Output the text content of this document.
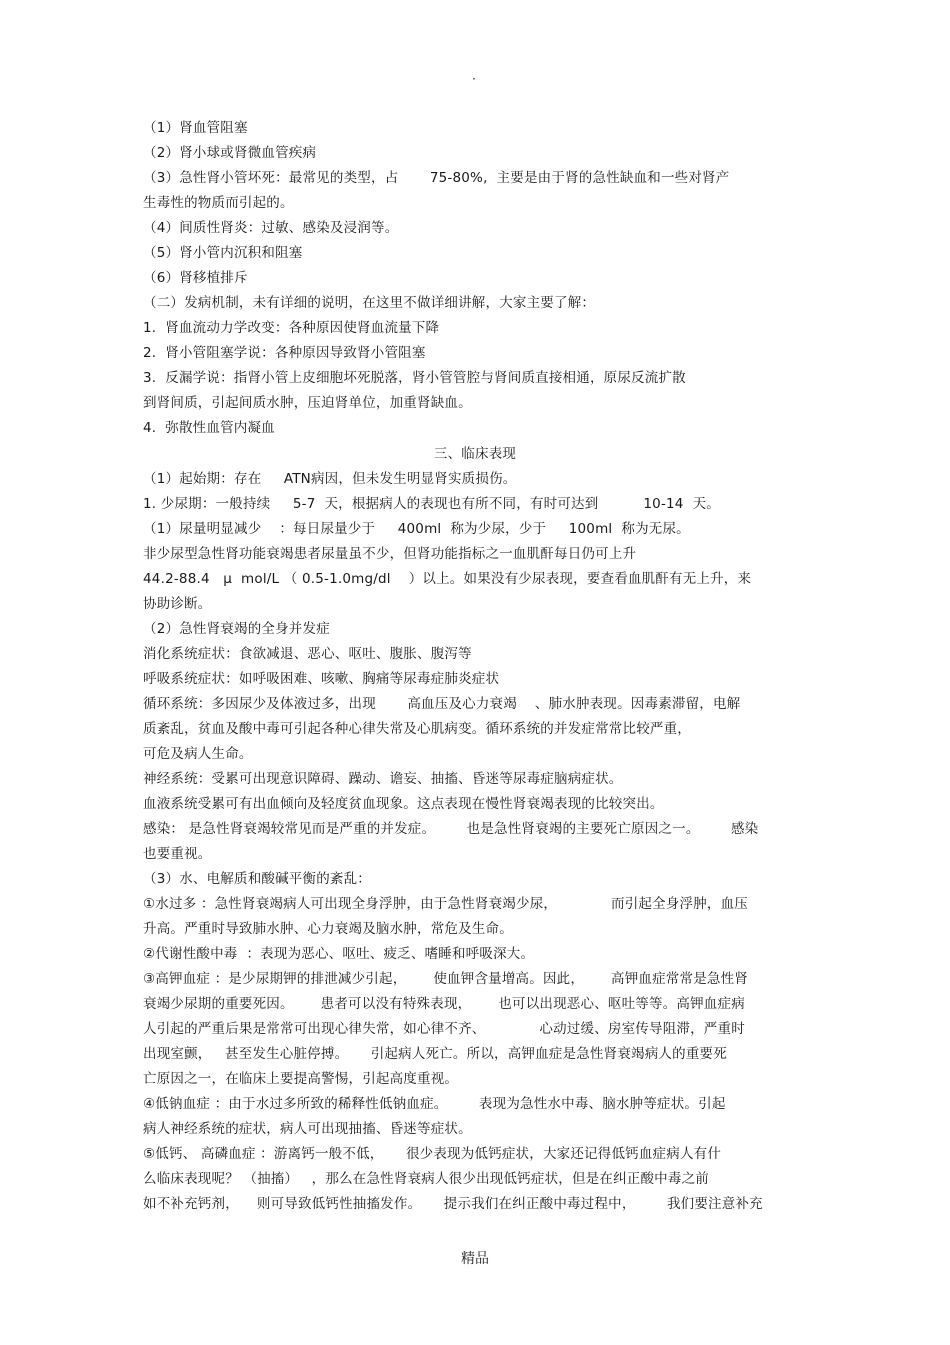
·
（1）肾血管阻塞
（2）肾小球或肾微血管疾病
（3）急性肾小管坏死：最常见的类型，占       75-80%,  主要是由于肾的急性缺血和一些对肾产
生毒性的物质而引起的。
（4）间质性肾炎：过敏、感染及浸润等。
（5）肾小管内沉积和阻塞
（6）肾移植排斥
（二）发病机制，未有详细的说明，在这里不做详细讲解，大家主要了解：
1.  肾血流动力学改变：各种原因使肾血流量下降
2.  肾小管阻塞学说：各种原因导致肾小管阻塞
3.  反漏学说：指肾小管上皮细胞坏死脱落，肾小管管腔与肾间质直接相通，原尿反流扩散
到肾间质，引起间质水肿，压迫肾单位，加重肾缺血。
4.  弥散性血管内凝血
三、临床表现
（1）起始期：存在     ATN病因，但未发生明显肾实质损伤。
1. 少尿期：一般持续     5-7  天，根据病人的表现也有所不同，有时可达到          10-14  天。
（1）尿量明显减少    ：每日尿量少于     400ml  称为少尿，少于     100ml  称为无尿。
非少尿型急性肾功能衰竭患者尿量虽不少，但肾功能指标之一血肌酐每日仍可上升
44.2-88.4   μ  mol/L （ 0.5-1.0mg/dl    ）以上。如果没有少尿表现，要查看血肌酐有无上升，来
协助诊断。
（2）急性肾衰竭的全身并发症
消化系统症状：食欲减退、恶心、呕吐、腹胀、腹泻等
呼吸系统症状：如呼吸困难、咳嗽、胸痛等尿毒症肺炎症状
循环系统：多因尿少及体液过多，出现       高血压及心力衰竭    、肺水肿表现。因毒素滞留，电解
质紊乱，贫血及酸中毒可引起各种心律失常及心肌病变。循环系统的并发症常常比较严重，
可危及病人生命。
神经系统：受累可出现意识障碍、躁动、谵妄、抽搐、昏迷等尿毒症脑病症状。
血液系统受累可有出血倾向及轻度贫血现象。这点表现在慢性肾衰竭表现的比较突出。
感染： 是急性肾衰竭较常见而是严重的并发症。       也是急性肾衰竭的主要死亡原因之一。       感染
也要重视。
（3）水、电解质和酸碱平衡的紊乱：
①水过多 ：急性肾衰竭病人可出现全身浮肿，由于急性肾衰竭少尿，            而引起全身浮肿，血压
升高。严重时导致肺水肿、心力衰竭及脑水肿，常危及生命。
②代谢性酸中毒  ：表现为恶心、呕吐、疲乏、嗜睡和呼吸深大。
③高钾血症 ：是少尿期钾的排泄减少引起，      使血钾含量增高。因此，      高钾血症常常是急性肾
衰竭少尿期的重要死因。      患者可以没有特殊表现，      也可以出现恶心、呕吐等等。高钾血症病
人引起的严重后果是常常可出现心律失常，如心律不齐、            心动过缓、房室传导阻滞，严重时
出现室颤，   甚至发生心脏停搏。     引起病人死亡。所以，高钾血症是急性肾衰竭病人的重要死
亡原因之一，在临床上要提高警惕，引起高度重视。
④低钠血症 ：由于水过多所致的稀释性低钠血症。       表现为急性水中毒、脑水肿等症状。引起
病人神经系统的症状，病人可出现抽搐、昏迷等症状。
⑤低钙、 高磷血症 ：游离钙一般不低，     很少表现为低钙症状，大家还记得低钙血症病人有什
么临床表现呢？ （抽搐）   ，那么在急性肾衰病人很少出现低钙症状，但是在纠正酸中毒之前
如不补充钙剂，    则可导致低钙性抽搐发作。     提示我们在纠正酸中毒过程中，       我们要注意补充
精品
